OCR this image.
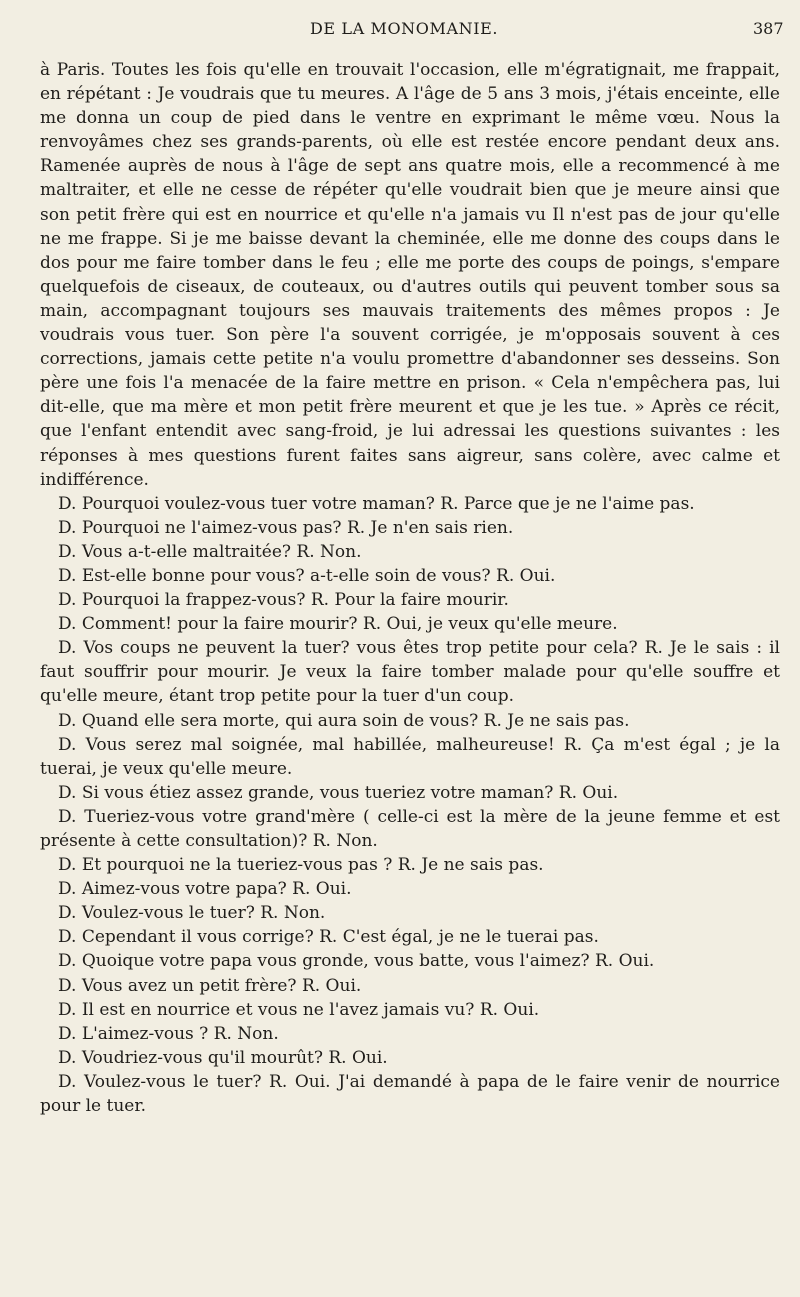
DE LA MONOMANIE.	387

à Paris. Toutes les fois qu'elle en trouvait l'occasion, elle m'égratignait, me frappait, en répétant : Je voudrais que tu meures. A l'âge de 5 ans 3 mois, j'étais enceinte, elle me donna un coup de pied dans le ventre en exprimant le même vœu. Nous la renvoyâmes chez ses grands-parents, où elle est restée encore pendant deux ans. Ramenée auprès de nous à l'âge de sept ans quatre mois, elle a recommencé à me maltraiter, et elle ne cesse de répéter qu'elle voudrait bien que je meure ainsi que son petit frère qui est en nourrice et qu'elle n'a jamais vu Il n'est pas de jour qu'elle ne me frappe. Si je me baisse devant la cheminée, elle me donne des coups dans le dos pour me faire tomber dans le feu ; elle me porte des coups de poings, s'empare quelquefois de ciseaux, de couteaux, ou d'autres outils qui peuvent tomber sous sa main, accompagnant toujours ses mauvais traitements des mêmes propos : Je voudrais vous tuer. Son père l'a souvent corrigée, je m'opposais souvent à ces corrections, jamais cette petite n'a voulu promettre d'abandonner ses desseins. Son père une fois l'a menacée de la faire mettre en prison. « Cela n'empêchera pas, lui dit-elle, que ma mère et mon petit frère meurent et que je les tue. » Après ce récit, que l'enfant entendit avec sang-froid, je lui adressai les questions suivantes : les réponses à mes questions furent faites sans aigreur, sans colère, avec calme et indifférence.

D. Pourquoi voulez-vous tuer votre maman? R. Parce que je ne l'aime pas.

D. Pourquoi ne l'aimez-vous pas? R. Je n'en sais rien.

D. Vous a-t-elle maltraitée? R. Non.

D. Est-elle bonne pour vous? a-t-elle soin de vous? R. Oui.

D. Pourquoi la frappez-vous? R. Pour la faire mourir.

D. Comment! pour la faire mourir? R. Oui, je veux qu'elle meure.

D. Vos coups ne peuvent la tuer? vous êtes trop petite pour cela? R. Je le sais : il faut souffrir pour mourir. Je veux la faire tomber malade pour qu'elle souffre et qu'elle meure, étant trop petite pour la tuer d'un coup.

D. Quand elle sera morte, qui aura soin de vous? R. Je ne sais pas.

D. Vous serez mal soignée, mal habillée, malheureuse! R. Ça m'est égal ; je la tuerai, je veux qu'elle meure.

D. Si vous étiez assez grande, vous tueriez votre maman? R. Oui.

D. Tueriez-vous votre grand'mère ( celle-ci est la mère de la jeune femme et est présente à cette consultation)? R. Non.

D. Et pourquoi ne la tueriez-vous pas ? R. Je ne sais pas.

D. Aimez-vous votre papa? R. Oui.

D. Voulez-vous le tuer? R. Non.

D. Cependant il vous corrige? R. C'est égal, je ne le tuerai pas.

D. Quoique votre papa vous gronde, vous batte, vous l'aimez? R. Oui.

D. Vous avez un petit frère? R. Oui.

D. Il est en nourrice et vous ne l'avez jamais vu? R. Oui.

D. L'aimez-vous ? R. Non.

D. Voudriez-vous qu'il mourût? R. Oui.

D. Voulez-vous le tuer? R. Oui. J'ai demandé à papa de le faire venir de nourrice pour le tuer.
